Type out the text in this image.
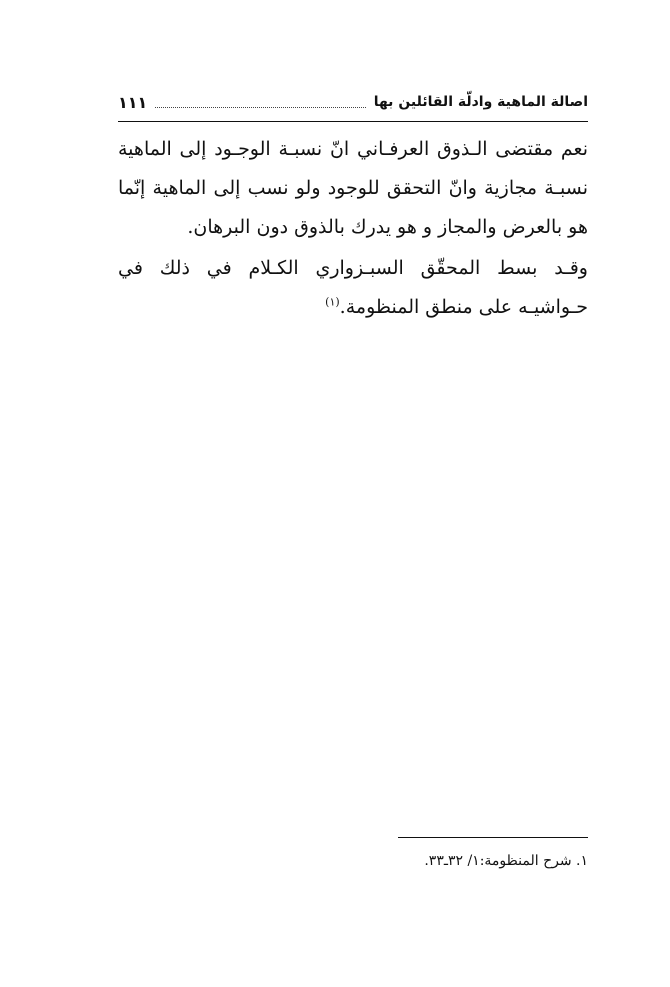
اصالة الماهية وادلّة القائلين بها
١١١

نعم مقتضى الـذوق العرفـاني انّ نسبـة الوجـود إلى الماهية نسبـة مجازية وانّ التحقق للوجود ولو نسب إلى الماهية إنّما هو بالعرض والمجاز و هو يدرك بالذوق دون البرهان.

وقـد بسط المحقّق السبـزواري الكـلام في ذلك في حـواشيـه على منطق المنظومة.$^{(١)}$

١. شرح المنظومة:١/ ٣٢ـ٣٣.
